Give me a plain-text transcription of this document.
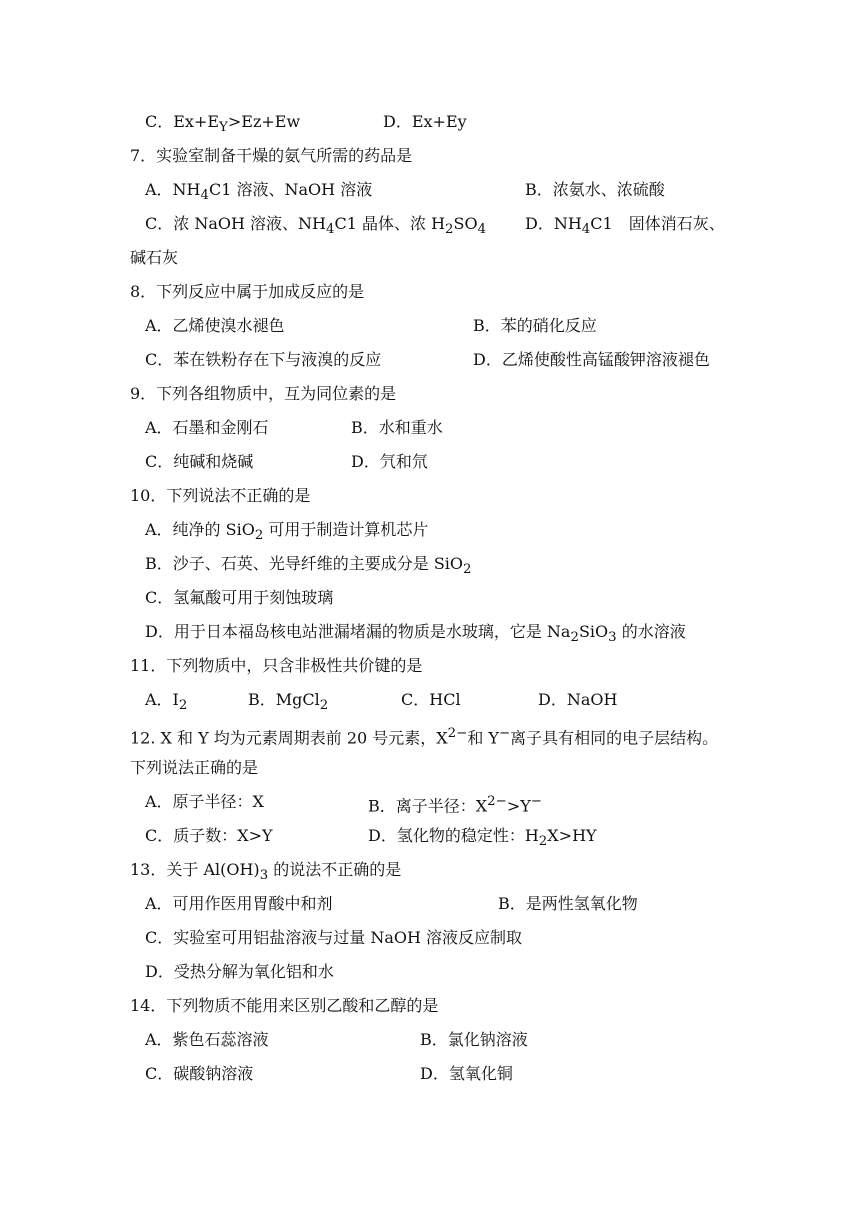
C．$Ex+E_Y>Ez+Ew$	D．Ex+Ey
7．实验室制备干燥的氨气所需的药品是
A．$NH_4C1$ 溶液、NaOH 溶液	B．浓氨水、浓硫酸
C．浓 NaOH 溶液、$NH_4C1$ 晶体、浓 $H_2SO_4$ D．$NH_4C1$　固体消石灰、
碱石灰
8．下列反应中属于加成反应的是
A．乙烯使溴水褪色	B．苯的硝化反应
C．苯在铁粉存在下与液溴的反应	D．乙烯使酸性高锰酸钾溶液褪色
9．下列各组物质中，互为同位素的是
A．石墨和金刚石	B．水和重水
C．纯碱和烧碱	D．氕和氘
10．下列说法不正确的是
A．纯净的 SiO$_2$ 可用于制造计算机芯片
B．沙子、石英、光导纤维的主要成分是 SiO$_2$
C．氢氟酸可用于刻蚀玻璃
D．用于日本福岛核电站泄漏堵漏的物质是水玻璃，它是 $Na_2SiO_3$ 的水溶液
11．下列物质中，只含非极性共价键的是
A．$I_2$	B．MgCl$_2$	C．HCl	D．NaOH
12. X 和 Y 均为元素周期表前 20 号元素，$X^{2-}$和 Y−离子具有相同的电子层结构。
下列说法正确的是
A．原子半径：X	B．离子半径：$X^{2-}>Y^-$
C．质子数：X>Y	D．氢化物的稳定性：$H_2X>HY$
13．关于 $Al(OH)_3$ 的说法不正确的是
A．可用作医用胃酸中和剂	B．是两性氢氧化物
C．实验室可用铝盐溶液与过量 NaOH 溶液反应制取
D．受热分解为氧化铝和水
14．下列物质不能用来区别乙酸和乙醇的是
A．紫色石蕊溶液	B．氯化钠溶液
C．碳酸钠溶液	D．氢氧化铜
